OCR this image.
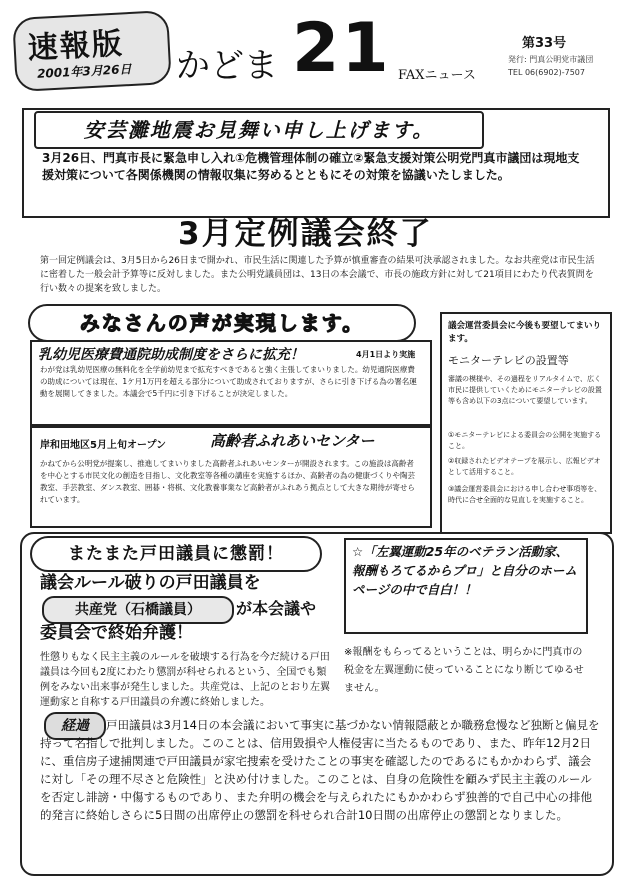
速報版
2001年3月26日 かどま 21 FAXニュース
第33号
発行: 門真公明党市議団
TEL 06(6902)-7507
安芸灘地震お見舞い申し上げます。

3月26日、門真市長に緊急申し入れ①危機管理体制の確立②緊急支援対策公明党門真市議団は現地支援対策について各関係機関の情報収集に努めるとともにその対策を協議いたしました。

3月定例議会終了

第一回定例議会は、3月5日から26日まで開かれ、市民生活に関連した予算が慎重審査の結果可決承認されました。なお共産党は市民生活に密着した一般会計予算等に反対しました。また公明党議員団は、13日の本会議で、市長の施政方針に対して21項目にわたり代表質問を行い数々の提案を致しました。

みなさんの声が実現します。
乳幼児医療費通院助成制度をさらに拡充！	4月1日より実施

わが党は乳幼児医療の無料化を全学前幼児まで拡充すべきであると強く主張してまいりました。幼児通院医療費の助成については現在、1ケ月1万円を超える部分について助成されておりますが、さらに引き下げる為の署名運動を展開してきました。本議会で5千円に引き下げることが決定しました。

岸和田地区5月上旬オープン	高齢者ふれあいセンター

かねてから公明党が提案し、推進してまいりました高齢者ふれあいセンターが開設されます。この施設は高齢者を中心とする市民文化の創造を目指し、文化教室等各種の講座を実施するほか、高齢者の為の健康づくりや陶芸教室、手芸教室、ダンス教室、囲碁・将棋、文化教養事業など高齢者がふれあう拠点として大きな期待が寄せられています。

議会運営委員会に今後も要望してまいります。

モニターテレビの設置等

審議の模様や、その過程をリアルタイムで、広く市民に提供していくためにモニターテレビの設置等も含め以下の3点について要望しています。

①モニターテレビによる委員会の公開を実施すること。

②収録されたビデオテープを展示し、広報ビデオとして活用すること。

③議会運営委員会における申し合わせ事項等を、時代に合せ全面的な見直しを実施すること。

またまた戸田議員に懲罰！
議会ルール破りの戸田議員を
共産党（石橋議員）	が本会議や
委員会で終始弁護！

性懲りもなく民主主義のルールを破壊する行為を今だ続ける戸田議員は今回も2度にわたり懲罰が科せられるという、全国でも類例をみない出来事が発生しました。共産党は、上記のとおり左翼運動家と自称する戸田議員の弁護に終始しました。

☆「左翼運動25年のベテラン活動家、報酬もろてるからプロ」と自分のホームページの中で自白！！

※報酬をもらってるということは、明らかに門真市の税金を左翼運動に使っていることになり断じてゆるせません。

経過	戸田議員は3月14日の本会議において事実に基づかない情報隠蔽とか職務怠慢など独断と偏見を持って名指しで批判しました。このことは、信用毀損や人権侵害に当たるものであり、また、昨年12月2日に、重信房子逮捕関連で戸田議員が家宅捜索を受けたことの事実を確認したのであるにもかかわらず、議会に対し「その理不尽さと危険性」と決め付けました。このことは、自身の危険性を顧みず民主主義のルールを否定し誹謗・中傷するものであり、また弁明の機会を与えられたにもかかわらず独善的で自己中心の排他的発言に終始しさらに5日間の出席停止の懲罰を科せられ合計10日間の出席停止の懲罰となりました。
